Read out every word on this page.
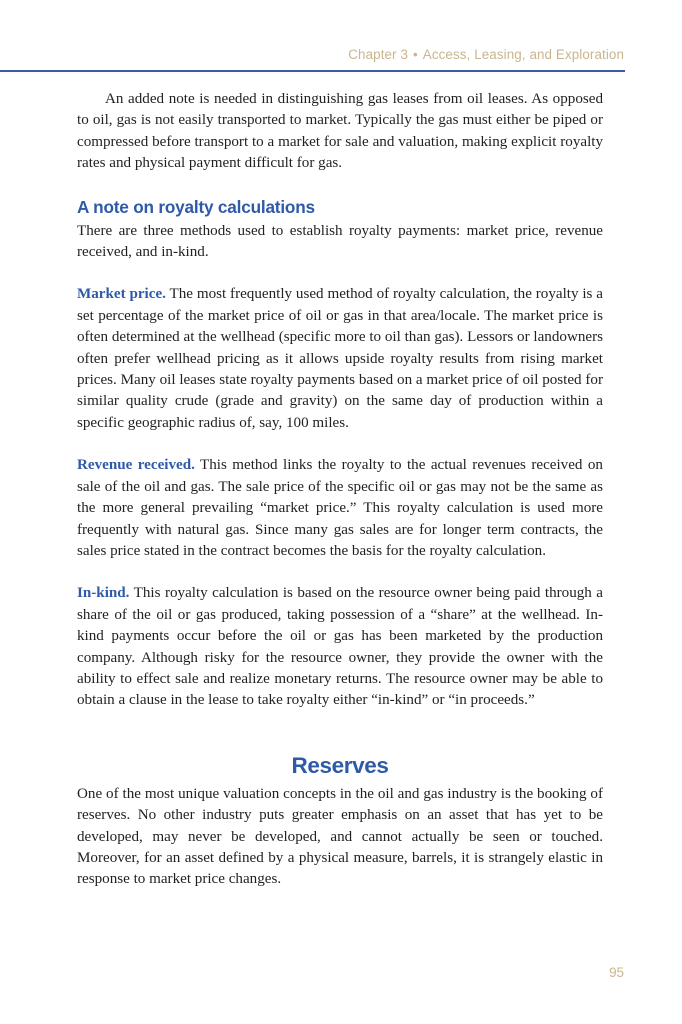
Chapter 3 • Access, Leasing, and Exploration

An added note is needed in distinguishing gas leases from oil leases. As opposed to oil, gas is not easily transported to market. Typically the gas must either be piped or compressed before transport to a market for sale and valuation, making explicit royalty rates and physical payment difficult for gas.

A note on royalty calculations

There are three methods used to establish royalty payments: market price, revenue received, and in-kind.

Market price. The most frequently used method of royalty calculation, the royalty is a set percentage of the market price of oil or gas in that area/locale. The market price is often determined at the wellhead (specific more to oil than gas). Lessors or landowners often prefer wellhead pricing as it allows upside royalty results from rising market prices. Many oil leases state royalty payments based on a market price of oil posted for similar quality crude (grade and gravity) on the same day of production within a specific geographic radius of, say, 100 miles.

Revenue received. This method links the royalty to the actual revenues received on sale of the oil and gas. The sale price of the specific oil or gas may not be the same as the more general prevailing “market price.” This royalty calculation is used more frequently with natural gas. Since many gas sales are for longer term contracts, the sales price stated in the contract becomes the basis for the royalty calculation.

In-kind. This royalty calculation is based on the resource owner being paid through a share of the oil or gas produced, taking possession of a “share” at the wellhead. In-kind payments occur before the oil or gas has been marketed by the production company. Although risky for the resource owner, they provide the owner with the ability to effect sale and realize monetary returns. The resource owner may be able to obtain a clause in the lease to take royalty either “in-kind” or “in proceeds.”

Reserves

One of the most unique valuation concepts in the oil and gas industry is the booking of reserves. No other industry puts greater emphasis on an asset that has yet to be developed, may never be developed, and cannot actually be seen or touched. Moreover, for an asset defined by a physical measure, barrels, it is strangely elastic in response to market price changes.

95
